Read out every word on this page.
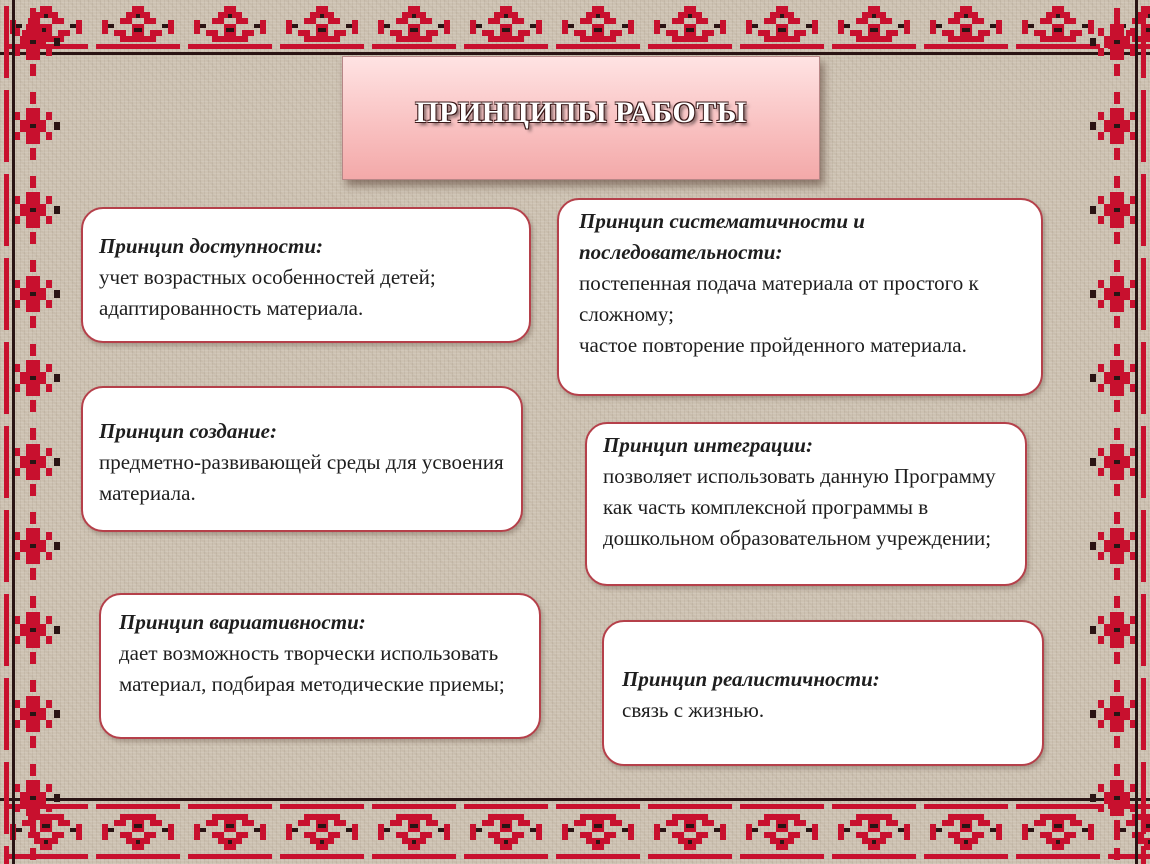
ПРИНЦИПЫ РАБОТЫ
Принцип доступности:
учет возрастных особенностей детей;
адаптированность материала.
Принцип систематичности и последовательности:
постепенная подача материала от простого к сложному;
частое повторение пройденного материала.
Принцип создание:
предметно-развивающей среды для усвоения материала.
Принцип интеграции:
позволяет использовать данную Программу как часть комплексной программы в дошкольном образовательном учреждении;
Принцип вариативности:
дает возможность творчески использовать материал, подбирая методические приемы;	Принцип реалистичности:
связь с жизнью.
